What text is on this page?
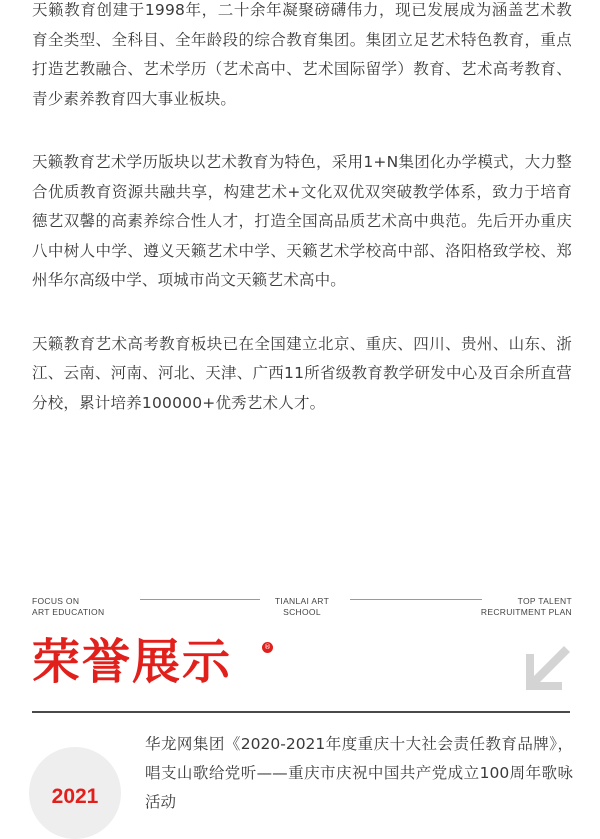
天籁教育创建于1998年，二十余年凝聚磅礴伟力，现已发展成为涵盖艺术教育全类型、全科目、全年龄段的综合教育集团。集团立足艺术特色教育，重点打造艺教融合、艺术学历（艺术高中、艺术国际留学）教育、艺术高考教育、青少素养教育四大事业板块。

天籁教育艺术学历版块以艺术教育为特色，采用1+N集团化办学模式，大力整合优质教育资源共融共享，构建艺术+文化双优双突破教学体系，致力于培育德艺双馨的高素养综合性人才，打造全国高品质艺术高中典范。先后开办重庆八中树人中学、遵义天籁艺术中学、天籁艺术学校高中部、洛阳格致学校、郑州华尔高级中学、项城市尚文天籁艺术高中。

天籁教育艺术高考教育板块已在全国建立北京、重庆、四川、贵州、山东、浙江、云南、河南、河北、天津、广西11所省级教育教学研发中心及百余所直营分校，累计培养100000+优秀艺术人才。

FOCUS ON
ART EDUCATION
TIANLAI ART
SCHOOL
TOP TALENT
RECRUITMENT PLAN
荣誉展示	®
2021
华龙网集团《2020-2021年度重庆十大社会责任教育品牌》，唱支山歌给党听——重庆市庆祝中国共产党成立100周年歌咏活动
